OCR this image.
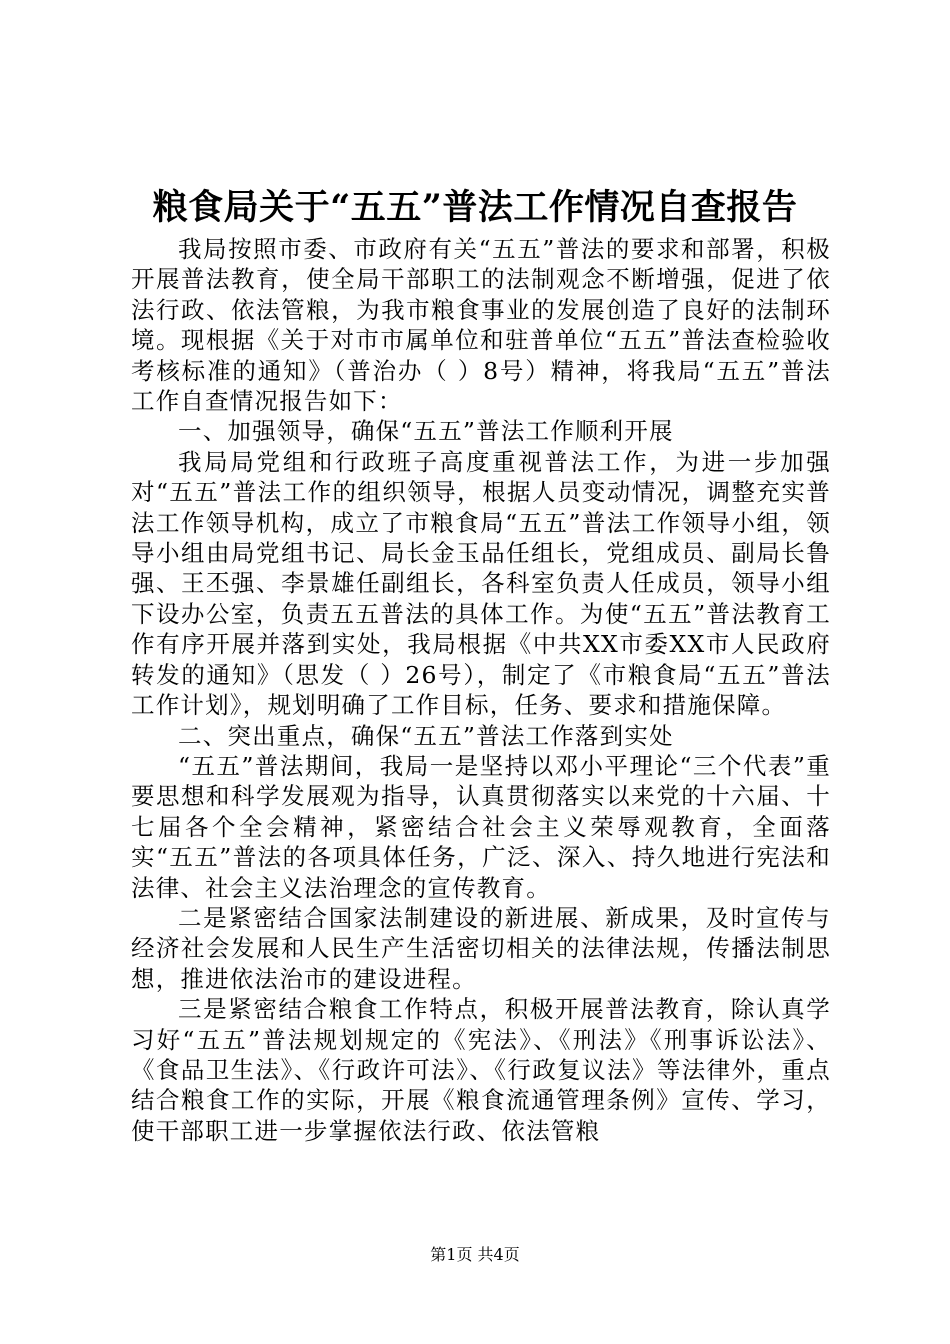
粮食局关于“五五”普法工作情况自查报告

我局按照市委、市政府有关“五五”普法的要求和部署，积极开展普法教育，使全局干部职工的法制观念不断增强，促进了依法行政、依法管粮，为我市粮食事业的发展创造了良好的法制环境。现根据《关于对市市属单位和驻普单位“五五”普法查检验收考核标准的通知》（普治办（ ）8号）精神，将我局“五五”普法工作自查情况报告如下：

一、加强领导，确保“五五”普法工作顺利开展

我局局党组和行政班子高度重视普法工作，为进一步加强对“五五”普法工作的组织领导，根据人员变动情况，调整充实普法工作领导机构，成立了市粮食局“五五”普法工作领导小组，领导小组由局党组书记、局长金玉品任组长，党组成员、副局长鲁强、王丕强、李景雄任副组长，各科室负责人任成员，领导小组下设办公室，负责五五普法的具体工作。为使“五五”普法教育工作有序开展并落到实处，我局根据《中共XX市委XX市人民政府转发的通知》（思发（ ）26号），制定了《市粮食局“五五”普法工作计划》，规划明确了工作目标，任务、要求和措施保障。

二、突出重点，确保“五五”普法工作落到实处

“五五”普法期间，我局一是坚持以邓小平理论“三个代表”重要思想和科学发展观为指导，认真贯彻落实以来党的十六届、十七届各个全会精神，紧密结合社会主义荣辱观教育，全面落实“五五”普法的各项具体任务，广泛、深入、持久地进行宪法和法律、社会主义法治理念的宣传教育。

二是紧密结合国家法制建设的新进展、新成果，及时宣传与经济社会发展和人民生产生活密切相关的法律法规，传播法制思想，推进依法治市的建设进程。

三是紧密结合粮食工作特点，积极开展普法教育，除认真学习好“五五”普法规划规定的《宪法》、《刑法》《刑事诉讼法》、《食品卫生法》、《行政许可法》、《行政复议法》等法律外，重点结合粮食工作的实际，开展《粮食流通管理条例》宣传、学习，使干部职工进一步掌握依法行政、依法管粮

第1页 共4页
